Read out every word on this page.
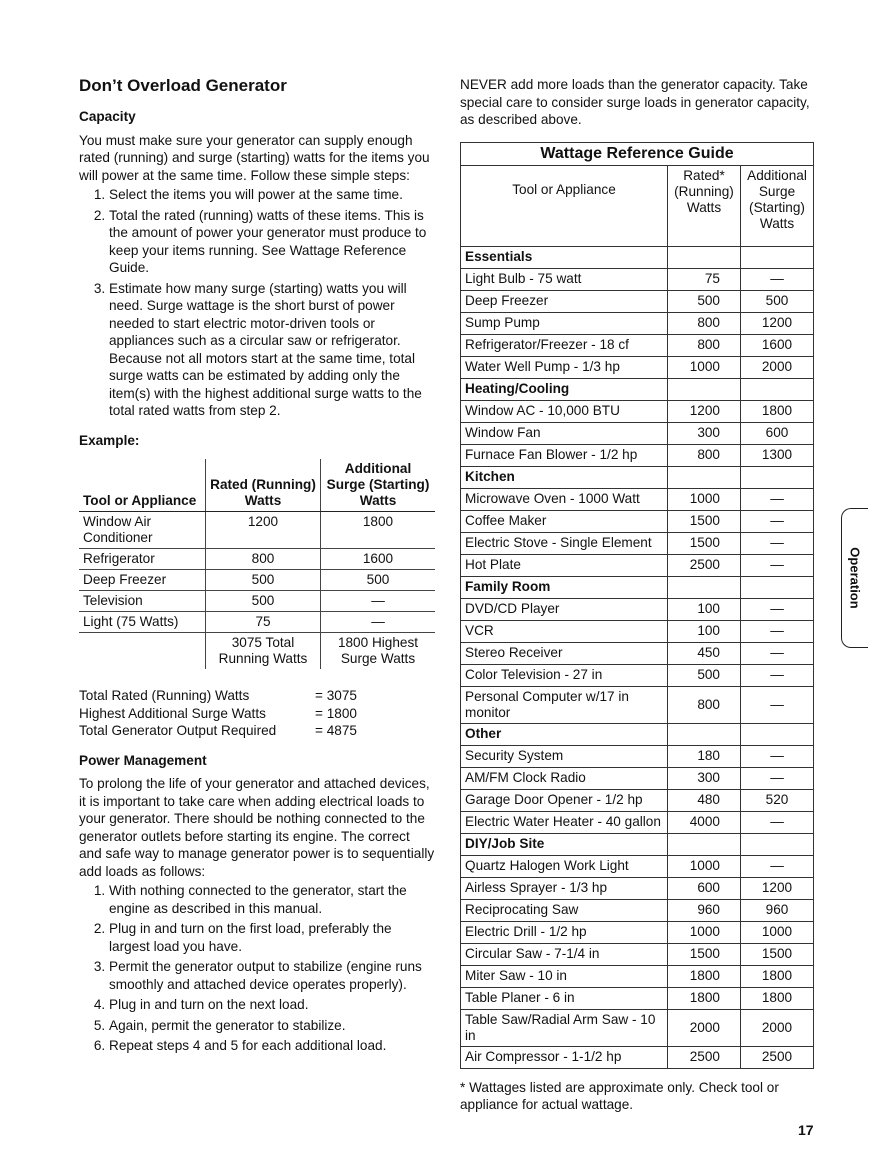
Don’t Overload Generator
Capacity

You must make sure your generator can supply enough rated (running) and surge (starting) watts for the items you will power at the same time. Follow these simple steps:

1. Select the items you will power at the same time.
2. Total the rated (running) watts of these items. This is the amount of power your generator must produce to keep your items running. See Wattage Reference Guide.
3. Estimate how many surge (starting) watts you will need. Surge wattage is the short burst of power needed to start electric motor-driven tools or appliances such as a circular saw or refrigerator. Because not all motors start at the same time, total surge watts can be estimated by adding only the item(s) with the highest additional surge watts to the total rated watts from step 2.
Example:
Tool or Appliance	Rated (Running) Watts	Additional Surge (Starting) Watts
Window Air Conditioner	1200	1800
Refrigerator	800	1600
Deep Freezer	500	500
Television	500	—
Light (75 Watts)	75	—
	3075 Total Running Watts	1800 Highest Surge Watts
Total Rated (Running) Watts	= 3075
Highest Additional Surge Watts	= 1800
Total Generator Output Required	= 4875
Power Management

To prolong the life of your generator and attached devices, it is important to take care when adding electrical loads to your generator. There should be nothing connected to the generator outlets before starting its engine. The correct and safe way to manage generator power is to sequentially add loads as follows:

1. With nothing connected to the generator, start the engine as described in this manual.
2. Plug in and turn on the first load, preferably the largest load you have.
3. Permit the generator output to stabilize (engine runs smoothly and attached device operates properly).
4. Plug in and turn on the next load.
5. Again, permit the generator to stabilize.
6. Repeat steps 4 and 5 for each additional load.

NEVER add more loads than the generator capacity. Take special care to consider surge loads in generator capacity, as described above.

Wattage Reference Guide		
Tool or Appliance	Rated* (Running) Watts	Additional Surge (Starting) Watts
Essentials		
Light Bulb - 75 watt	75	—
Deep Freezer	500	500
Sump Pump	800	1200
Refrigerator/Freezer - 18 cf	800	1600
Water Well Pump - 1/3 hp	1000	2000
Heating/Cooling		
Window AC - 10,000 BTU	1200	1800
Window Fan	300	600
Furnace Fan Blower - 1/2 hp	800	1300
Kitchen		
Microwave Oven - 1000 Watt	1000	—
Coffee Maker	1500	—
Electric Stove - Single Element	1500	—
Hot Plate	2500	—
Family Room		
DVD/CD Player	100	—
VCR	100	—
Stereo Receiver	450	—
Color Television - 27 in	500	—
Personal Computer w/17 in monitor	800	—
Other		
Security System	180	—
AM/FM Clock Radio	300	—
Garage Door Opener - 1/2 hp	480	520
Electric Water Heater - 40 gallon	4000	—
DIY/Job Site		
Quartz Halogen Work Light	1000	—
Airless Sprayer - 1/3 hp	600	1200
Reciprocating Saw	960	960
Electric Drill - 1/2 hp	1000	1000
Circular Saw - 7-1/4 in	1500	1500
Miter Saw - 10 in	1800	1800
Table Planer - 6 in	1800	1800
Table Saw/Radial Arm Saw - 10 in	2000	2000
Air Compressor - 1-1/2 hp	2500	2500

* Wattages listed are approximate only. Check tool or appliance for actual wattage.

Operation
17
